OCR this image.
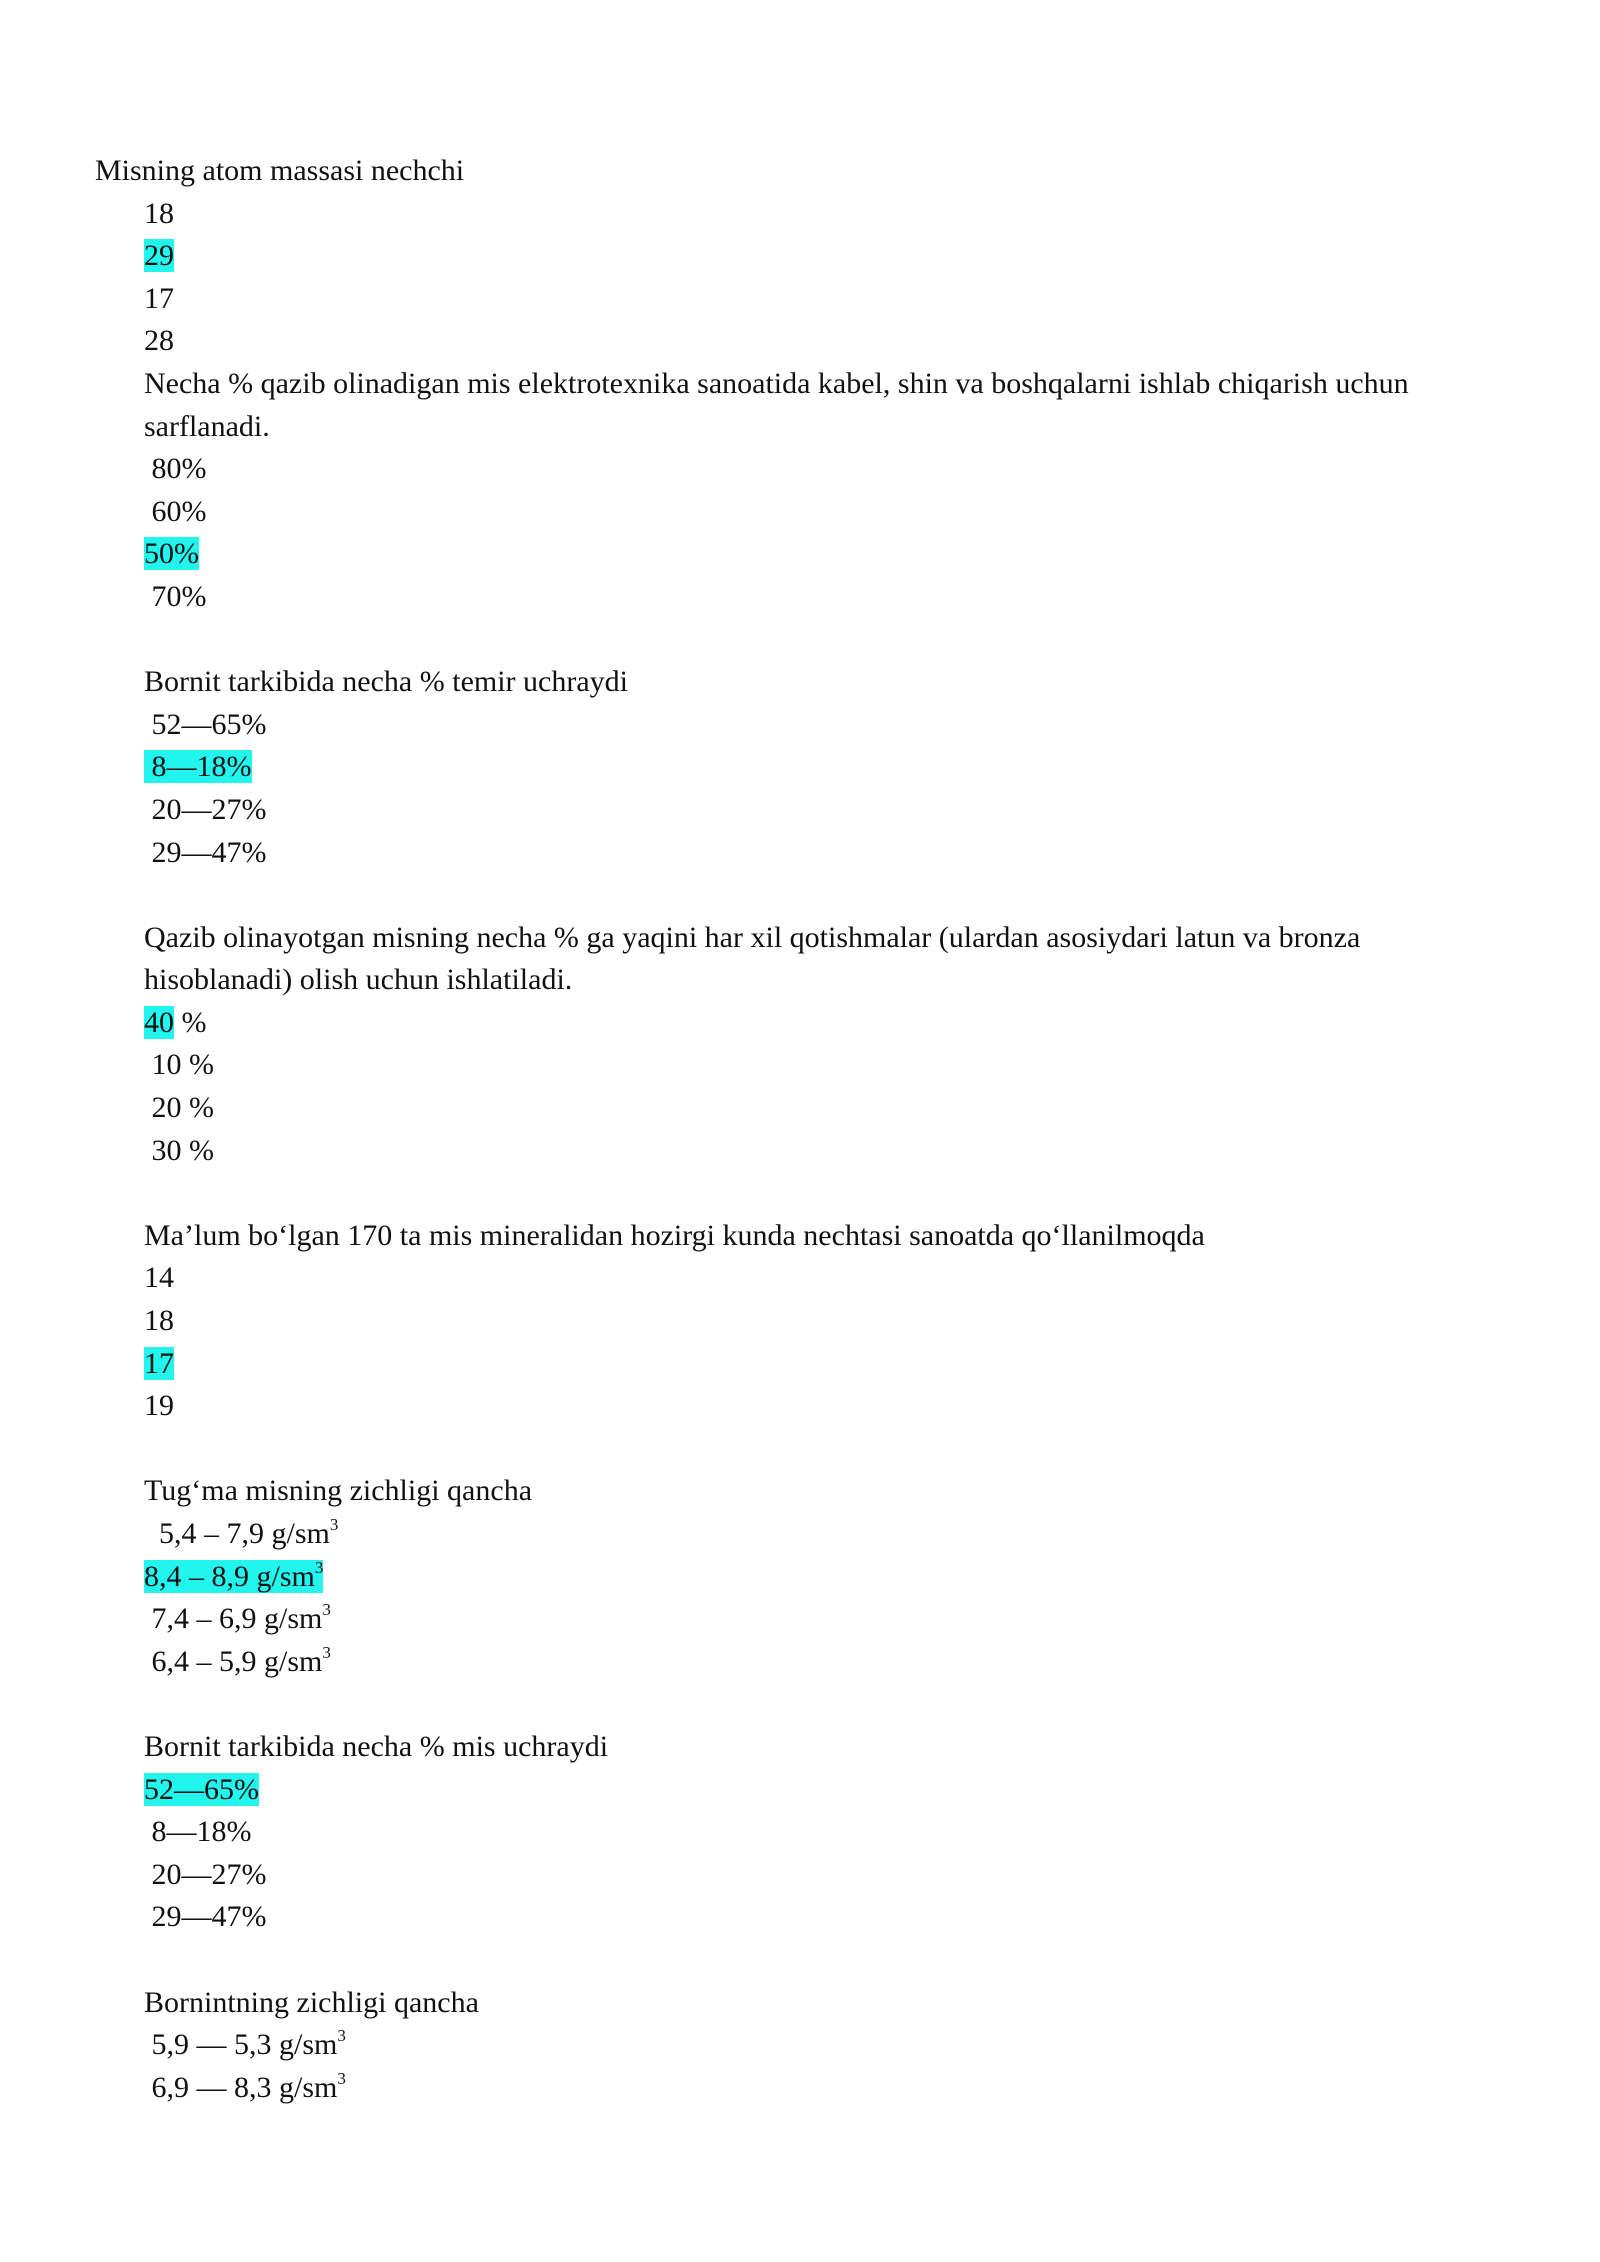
Misning atom massasi nechchi
18
29
17
28
Necha % qazib olinadigan mis elektrotexnika sanoatida kabel, shin va boshqalarni ishlab chiqarish uchun sarflanadi.
80%
60%
50%
70%
Bornit tarkibida necha % temir uchraydi
52—65%
8—18%
20—27%
29—47%
Qazib olinayotgan misning necha % ga yaqini har xil qotishmalar (ulardan asosiydari latun va bronza hisoblanadi) olish uchun ishlatiladi.
40 %
10 %
20 %
30 %
Ma’lum bo‘lgan 170 ta mis mineralidan hozirgi kunda nechtasi sanoatda qo‘llanilmoqda
14
18
17
19
Tug‘ma misning zichligi qancha
5,4 – 7,9 $g/sm^3$
8,4 – 8,9 $g/sm^3$
7,4 – 6,9 $g/sm^3$
6,4 – 5,9 $g/sm^3$
Bornit tarkibida necha % mis uchraydi
52—65%
8—18%
20—27%
29—47%
Bornintning zichligi qancha
5,9 — 5,3 $g/sm^3$
6,9 — 8,3 $g/sm^3$
